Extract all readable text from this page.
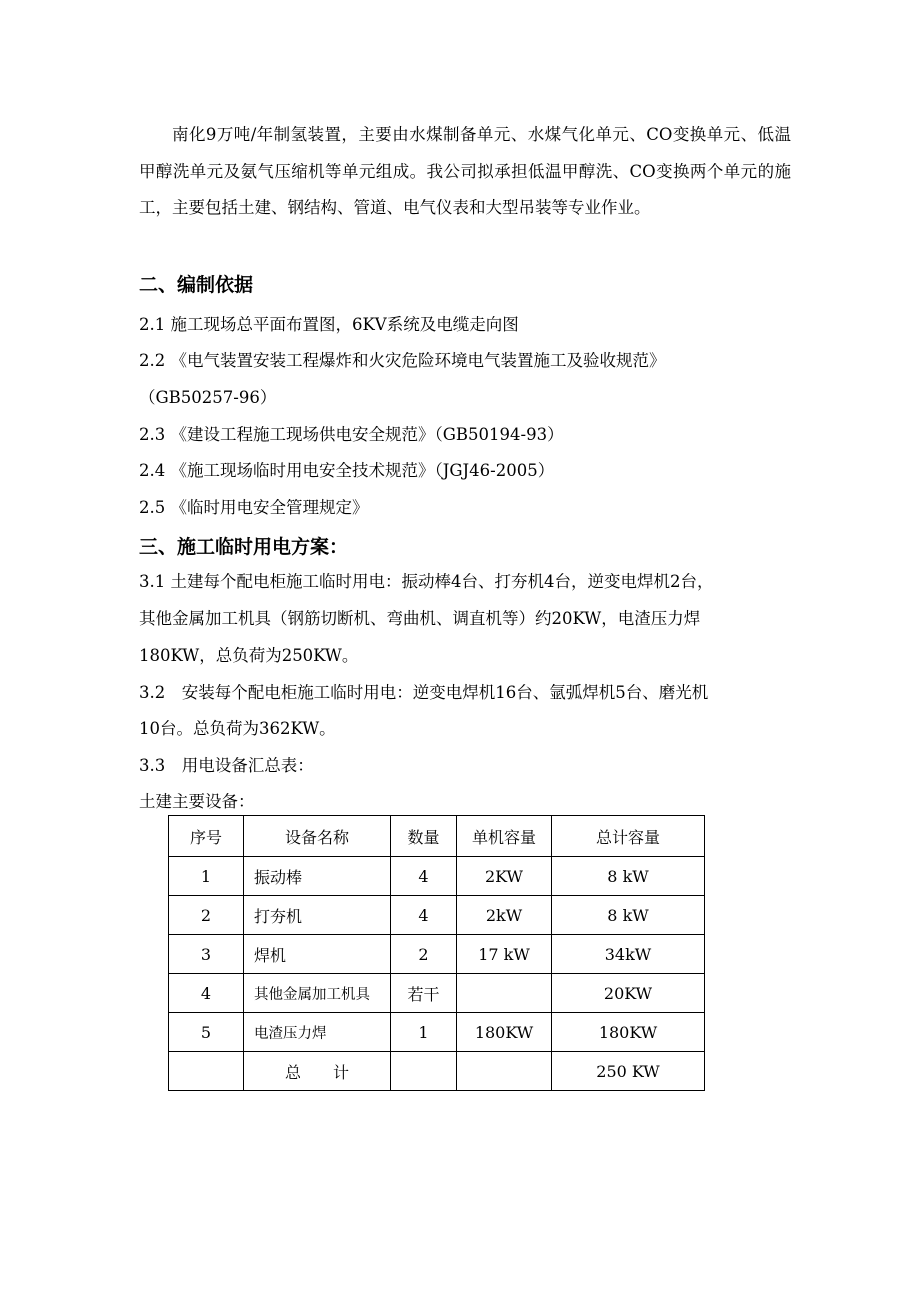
南化9万吨/年制氢装置，主要由水煤制备单元、水煤气化单元、CO变换单元、低温甲醇洗单元及氨气压缩机等单元组成。我公司拟承担低温甲醇洗、CO变换两个单元的施工，主要包括土建、钢结构、管道、电气仪表和大型吊装等专业作业。

二、编制依据

2.1 施工现场总平面布置图，6KV系统及电缆走向图

2.2 《电气装置安装工程爆炸和火灾危险环境电气装置施工及验收规范》

（GB50257-96）

2.3 《建设工程施工现场供电安全规范》（GB50194-93）

2.4 《施工现场临时用电安全技术规范》（JGJ46-2005）

2.5 《临时用电安全管理规定》

三、施工临时用电方案：

3.1 土建每个配电柜施工临时用电：振动棒4台、打夯机4台，逆变电焊机2台，

其他金属加工机具（钢筋切断机、弯曲机、调直机等）约20KW，电渣压力焊

180KW，总负荷为250KW。

3.2　安装每个配电柜施工临时用电：逆变电焊机16台、氩弧焊机5台、磨光机

10台。总负荷为362KW。

3.3　用电设备汇总表：

土建主要设备：

序号	设备名称	数量	单机容量	总计容量
1	振动棒	4	2KW	8 kW
2	打夯机	4	2kW	8 kW
3	焊机	2	17 kW	34kW
4	其他金属加工机具	若干		20KW
5	电渣压力焊	1	180KW	180KW
	总　　计			250 KW
